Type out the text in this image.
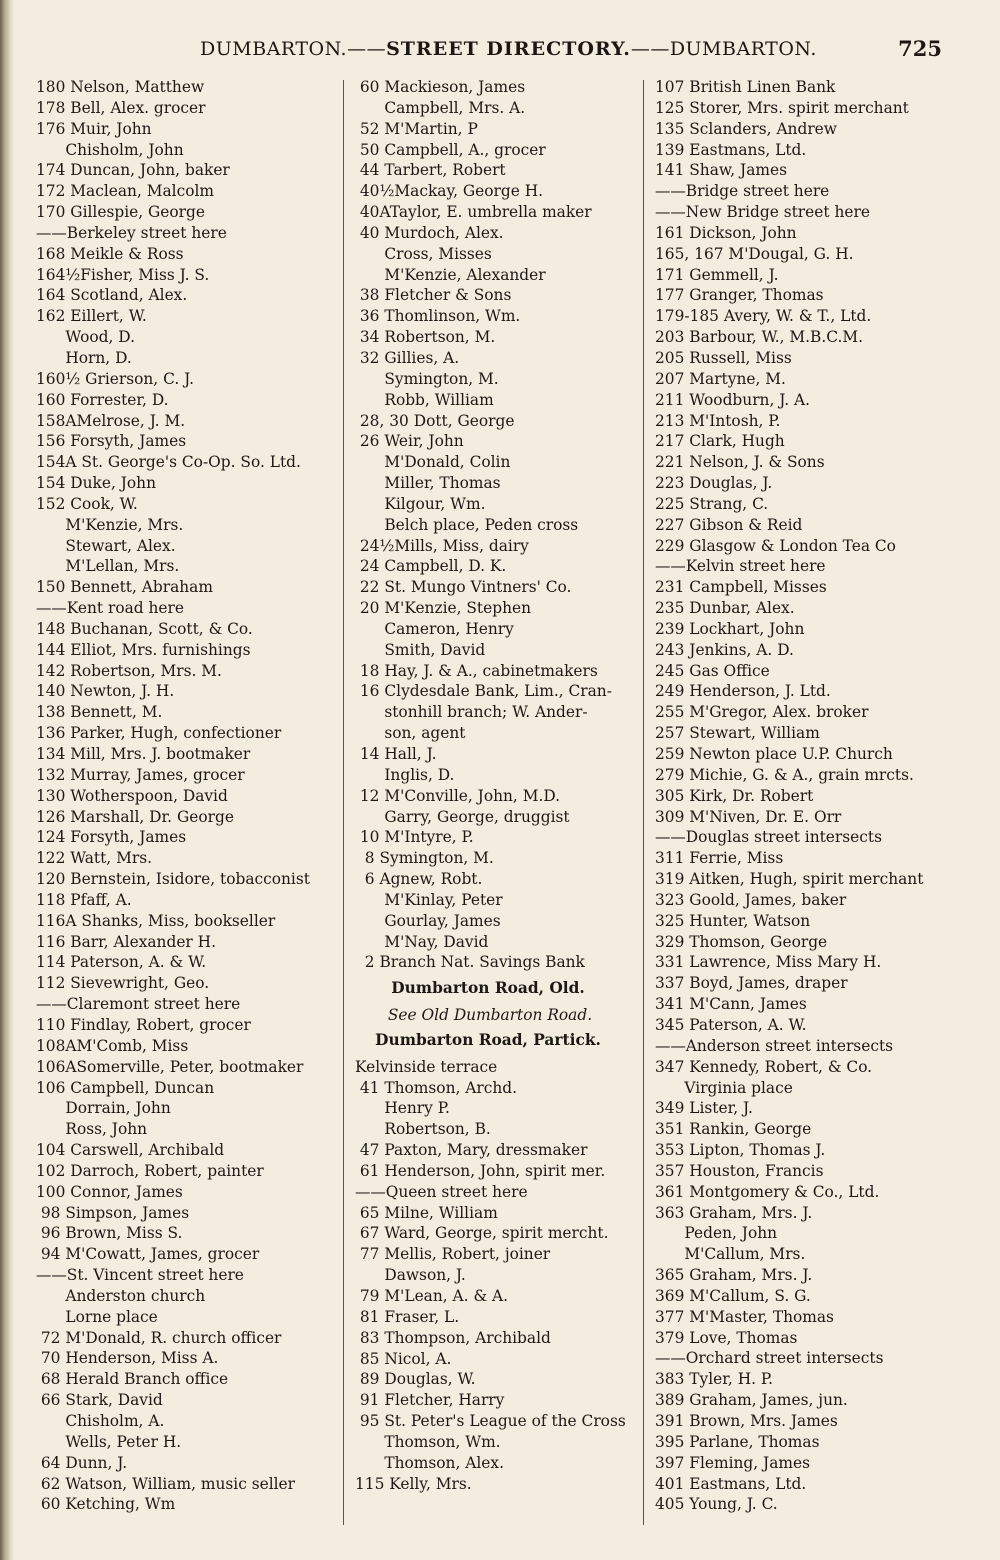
DUMBARTON.——STREET DIRECTORY.——DUMBARTON.	725
180 Nelson, Matthew
178 Bell, Alex. grocer
176 Muir, John
Chisholm, John
174 Duncan, John, baker
172 Maclean, Malcolm
170 Gillespie, George
——Berkeley street here
168 Meikle & Ross
164½Fisher, Miss J. S.
164 Scotland, Alex.
162 Eillert, W.
Wood, D.
Horn, D.
160½ Grierson, C. J.
160 Forrester, D.
158AMelrose, J. M.
156 Forsyth, James
154A St. George's Co-Op. So. Ltd.
154 Duke, John
152 Cook, W.
M'Kenzie, Mrs.
Stewart, Alex.
M'Lellan, Mrs.
150 Bennett, Abraham
——Kent road here
148 Buchanan, Scott, & Co.
144 Elliot, Mrs. furnishings
142 Robertson, Mrs. M.
140 Newton, J. H.
138 Bennett, M.
136 Parker, Hugh, confectioner
134 Mill, Mrs. J. bootmaker
132 Murray, James, grocer
130 Wotherspoon, David
126 Marshall, Dr. George
124 Forsyth, James
122 Watt, Mrs.
120 Bernstein, Isidore, tobacconist
118 Pfaff, A.
116A Shanks, Miss, bookseller
116 Barr, Alexander H.
114 Paterson, A. & W.
112 Sievewright, Geo.
——Claremont street here
110 Findlay, Robert, grocer
108AM'Comb, Miss
106ASomerville, Peter, bootmaker
106 Campbell, Duncan
Dorrain, John
Ross, John
104 Carswell, Archibald
102 Darroch, Robert, painter
100 Connor, James
98 Simpson, James
96 Brown, Miss S.
94 M'Cowatt, James, grocer
——St. Vincent street here
Anderston church
Lorne place
72 M'Donald, R. church officer
70 Henderson, Miss A.
68 Herald Branch office
66 Stark, David
Chisholm, A.
Wells, Peter H.
64 Dunn, J.
62 Watson, William, music seller
60 Ketching, Wm
60 Mackieson, James
Campbell, Mrs. A.
52 M'Martin, P
50 Campbell, A., grocer
44 Tarbert, Robert
40½Mackay, George H.
40ATaylor, E. umbrella maker
40 Murdoch, Alex.
Cross, Misses
M'Kenzie, Alexander
38 Fletcher & Sons
36 Thomlinson, Wm.
34 Robertson, M.
32 Gillies, A.
Symington, M.
Robb, William
28, 30 Dott, George
26 Weir, John
M'Donald, Colin
Miller, Thomas
Kilgour, Wm.
Belch place, Peden cross
24½Mills, Miss, dairy
24 Campbell, D. K.
22 St. Mungo Vintners' Co.
20 M'Kenzie, Stephen
Cameron, Henry
Smith, David
18 Hay, J. & A., cabinetmakers
16 Clydesdale Bank, Lim., Cran-
stonhill branch; W. Ander-
son, agent
14 Hall, J.
Inglis, D.
12 M'Conville, John, M.D.
Garry, George, druggist
10 M'Intyre, P.
8 Symington, M.
6 Agnew, Robt.
M'Kinlay, Peter
Gourlay, James
M'Nay, David
2 Branch Nat. Savings Bank
Dumbarton Road, Old.
See Old Dumbarton Road.
Dumbarton Road, Partick.
Kelvinside terrace
41 Thomson, Archd.
Henry P.
Robertson, B.
47 Paxton, Mary, dressmaker
61 Henderson, John, spirit mer.
——Queen street here
65 Milne, William
67 Ward, George, spirit mercht.
77 Mellis, Robert, joiner
Dawson, J.
79 M'Lean, A. & A.
81 Fraser, L.
83 Thompson, Archibald
85 Nicol, A.
89 Douglas, W.
91 Fletcher, Harry
95 St. Peter's League of the Cross
Thomson, Wm.
Thomson, Alex.
115 Kelly, Mrs.
107 British Linen Bank
125 Storer, Mrs. spirit merchant
135 Sclanders, Andrew
139 Eastmans, Ltd.
141 Shaw, James
——Bridge street here
——New Bridge street here
161 Dickson, John
165, 167 M'Dougal, G. H.
171 Gemmell, J.
177 Granger, Thomas
179-185 Avery, W. & T., Ltd.
203 Barbour, W., M.B.C.M.
205 Russell, Miss
207 Martyne, M.
211 Woodburn, J. A.
213 M'Intosh, P.
217 Clark, Hugh
221 Nelson, J. & Sons
223 Douglas, J.
225 Strang, C.
227 Gibson & Reid
229 Glasgow & London Tea Co
——Kelvin street here
231 Campbell, Misses
235 Dunbar, Alex.
239 Lockhart, John
243 Jenkins, A. D.
245 Gas Office
249 Henderson, J. Ltd.
255 M'Gregor, Alex. broker
257 Stewart, William
259 Newton place U.P. Church
279 Michie, G. & A., grain mrcts.
305 Kirk, Dr. Robert
309 M'Niven, Dr. E. Orr
——Douglas street intersects
311 Ferrie, Miss
319 Aitken, Hugh, spirit merchant
323 Goold, James, baker
325 Hunter, Watson
329 Thomson, George
331 Lawrence, Miss Mary H.
337 Boyd, James, draper
341 M'Cann, James
345 Paterson, A. W.
——Anderson street intersects
347 Kennedy, Robert, & Co.
Virginia place
349 Lister, J.
351 Rankin, George
353 Lipton, Thomas J.
357 Houston, Francis
361 Montgomery & Co., Ltd.
363 Graham, Mrs. J.
Peden, John
M'Callum, Mrs.
365 Graham, Mrs. J.
369 M'Callum, S. G.
377 M'Master, Thomas
379 Love, Thomas
——Orchard street intersects
383 Tyler, H. P.
389 Graham, James, jun.
391 Brown, Mrs. James
395 Parlane, Thomas
397 Fleming, James
401 Eastmans, Ltd.
405 Young, J. C.
